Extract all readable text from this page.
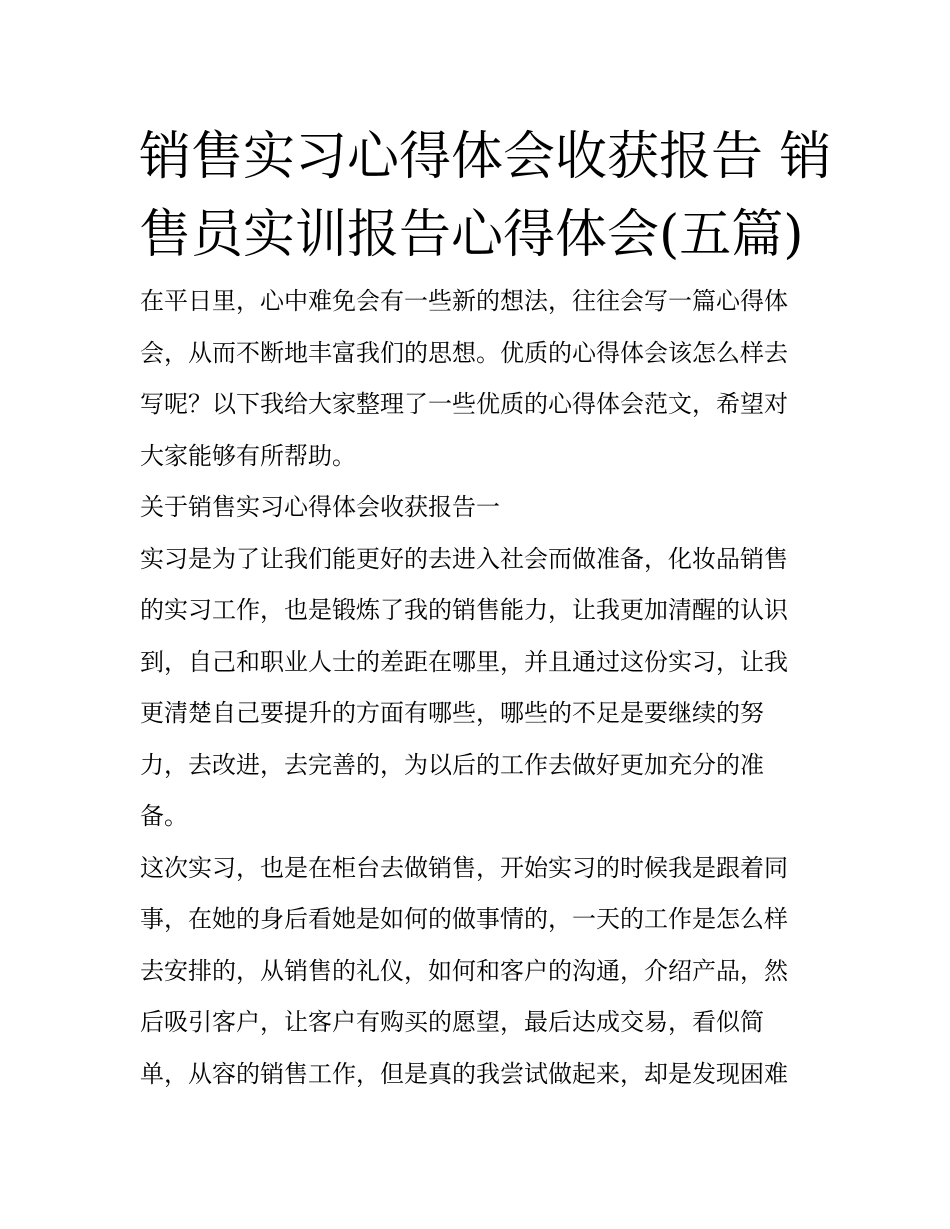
销售实习心得体会收获报告 销
售员实训报告心得体会(五篇)
在平日里，心中难免会有一些新的想法，往往会写一篇心得体
会，从而不断地丰富我们的思想。优质的心得体会该怎么样去
写呢？以下我给大家整理了一些优质的心得体会范文，希望对
大家能够有所帮助。
关于销售实习心得体会收获报告一
实习是为了让我们能更好的去进入社会而做准备，化妆品销售
的实习工作，也是锻炼了我的销售能力，让我更加清醒的认识
到，自己和职业人士的差距在哪里，并且通过这份实习，让我
更清楚自己要提升的方面有哪些，哪些的不足是要继续的努
力，去改进，去完善的，为以后的工作去做好更加充分的准
备。
这次实习，也是在柜台去做销售，开始实习的时候我是跟着同
事，在她的身后看她是如何的做事情的，一天的工作是怎么样
去安排的，从销售的礼仪，如何和客户的沟通，介绍产品，然
后吸引客户，让客户有购买的愿望，最后达成交易，看似简
单，从容的销售工作，但是真的我尝试做起来，却是发现困难
